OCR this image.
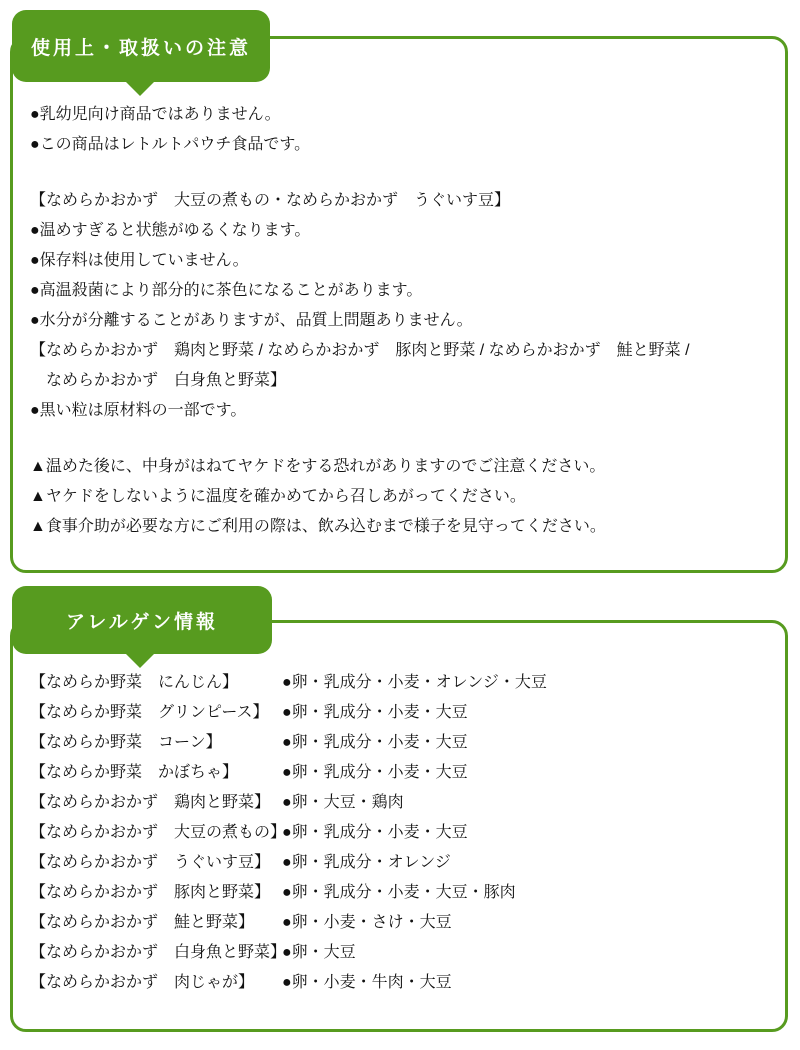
使用上・取扱いの注意
●乳幼児向け商品ではありません。
●この商品はレトルトパウチ食品です。
【なめらかおかず　大豆の煮もの・なめらかおかず　うぐいす豆】
●温めすぎると状態がゆるくなります。
●保存料は使用していません。
●高温殺菌により部分的に茶色になることがあります。
●水分が分離することがありますが、品質上問題ありません。
【なめらかおかず　鶏肉と野菜 / なめらかおかず　豚肉と野菜 / なめらかおかず　鮭と野菜 /
　なめらかおかず　白身魚と野菜】
●黒い粒は原材料の一部です。
▲温めた後に、中身がはねてヤケドをする恐れがありますのでご注意ください。
▲ヤケドをしないように温度を確かめてから召しあがってください。
▲食事介助が必要な方にご利用の際は、飲み込むまで様子を見守ってください。
アレルゲン情報
【なめらか野菜　にんじん】	●卵・乳成分・小麦・オレンジ・大豆
【なめらか野菜　グリンピース】 ●卵・乳成分・小麦・大豆
【なめらか野菜　コーン】	●卵・乳成分・小麦・大豆
【なめらか野菜　かぼちゃ】	●卵・乳成分・小麦・大豆
【なめらかおかず　鶏肉と野菜】 ●卵・大豆・鶏肉
【なめらかおかず　大豆の煮もの】
●卵・乳成分・小麦・大豆
【なめらかおかず　うぐいす豆】 ●卵・乳成分・オレンジ
【なめらかおかず　豚肉と野菜】 ●卵・乳成分・小麦・大豆・豚肉
【なめらかおかず　鮭と野菜】	●卵・小麦・さけ・大豆
【なめらかおかず　白身魚と野菜】
●卵・大豆
【なめらかおかず　肉じゃが】	●卵・小麦・牛肉・大豆
